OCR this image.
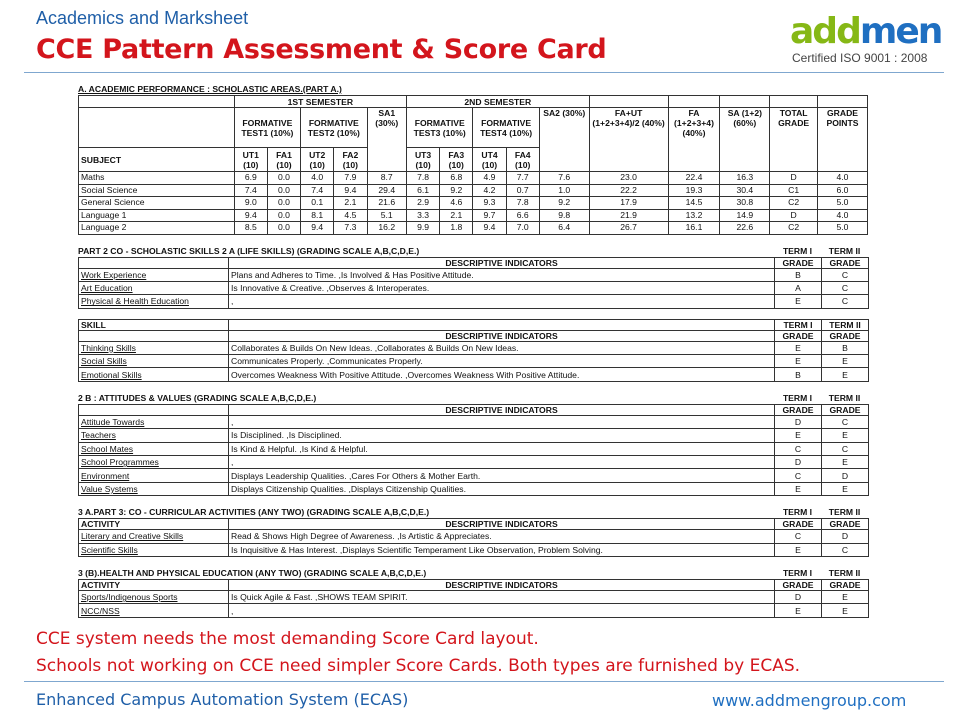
Academics and Marksheet
CCE Pattern Assessment & Score Card	addmen
Certified ISO 9001 : 2008
A. ACADEMIC PERFORMANCE : SCHOLASTIC AREAS.(PART A.)
	1ST SEMESTER					2ND SEMESTER									
	FORMATIVE TEST1 (10%)		FORMATIVE TEST2 (10%)		SA1 (30%)	FORMATIVE TEST3 (10%)		FORMATIVE TEST4 (10%)		SA2 (30%)	FA+UT (1+2+3+4)/2 (40%)	FA (1+2+3+4) (40%)	SA (1+2) (60%)	TOTAL GRADE	GRADE POINTS
SUBJECT	UT1 (10)	FA1 (10)	UT2 (10)	FA2 (10)		UT3 (10)	FA3 (10)	UT4 (10)	FA4 (10)						
Maths	6.9	0.0	4.0	7.9	8.7	7.8	6.8	4.9	7.7	7.6	23.0	22.4	16.3	D	4.0
Social Science	7.4	0.0	7.4	9.4	29.4	6.1	9.2	4.2	0.7	1.0	22.2	19.3	30.4	C1	6.0
General Science	9.0	0.0	0.1	2.1	21.6	2.9	4.6	9.3	7.8	9.2	17.9	14.5	30.8	C2	5.0
Language 1	9.4	0.0	8.1	4.5	5.1	3.3	2.1	9.7	6.6	9.8	21.9	13.2	14.9	D	4.0
Language 2	8.5	0.0	9.4	7.3	16.2	9.9	1.8	9.4	7.0	6.4	26.7	16.1	22.6	C2	5.0
PART 2 CO - SCHOLASTIC SKILLS 2 A (LIFE SKILLS) (GRADING SCALE A,B,C,D,E.)	TERM I	TERM II
	DESCRIPTIVE INDICATORS	GRADE	GRADE
Work Experience	Plans and Adheres to Time. ,Is Involved & Has Positive Attitude.	B	C
Art Education	Is Innovative & Creative. ,Observes & Interoperates.	A	C
Physical & Health Education	,	E	C
SKILL		TERM I	TERM II
	DESCRIPTIVE INDICATORS	GRADE	GRADE
Thinking Skills	Collaborates & Builds On New Ideas. ,Collaborates & Builds On New Ideas.	E	B
Social Skills	Communicates Properly. ,Communicates Properly.	E	E
Emotional Skills	Overcomes Weakness With Positive Attitude. ,Overcomes Weakness With Positive Attitude.	B	E
2 B : ATTITUDES & VALUES (GRADING SCALE A,B,C,D,E.)	TERM I	TERM II
	DESCRIPTIVE INDICATORS	GRADE	GRADE
Attitude Towards	,	D	C
Teachers	Is Disciplined. ,Is Disciplined.	E	E
School Mates	Is Kind & Helpful. ,Is Kind & Helpful.	C	C
School Programmes	,	D	E
Environment	Displays Leadership Qualities. ,Cares For Others & Mother Earth.	C	D
Value Systems	Displays Citizenship Qualities. ,Displays Citizenship Qualities.	E	E
3 A.PART 3: CO - CURRICULAR ACTIVITIES (ANY TWO) (GRADING SCALE A,B,C,D,E.)	TERM I	TERM II
ACTIVITY	DESCRIPTIVE INDICATORS	GRADE	GRADE
Literary and Creative Skills	Read & Shows High Degree of Awareness. ,Is Artistic & Appreciates.	C	D
Scientific Skills	Is Inquisitive & Has Interest. ,Displays Scientific Temperament Like Observation, Problem Solving.	E	C
3 (B).HEALTH AND PHYSICAL EDUCATION (ANY TWO) (GRADING SCALE A,B,C,D,E.)	TERM I	TERM II
ACTIVITY	DESCRIPTIVE INDICATORS	GRADE	GRADE
Sports/Indigenous Sports	Is Quick Agile & Fast. ,SHOWS TEAM SPIRIT.	D	E
NCC/NSS	,	E	E
CCE system needs the most demanding Score Card layout.
Schools not working on CCE need simpler Score Cards. Both types are furnished by ECAS.
Enhanced Campus Automation System (ECAS)	www.addmengroup.com
